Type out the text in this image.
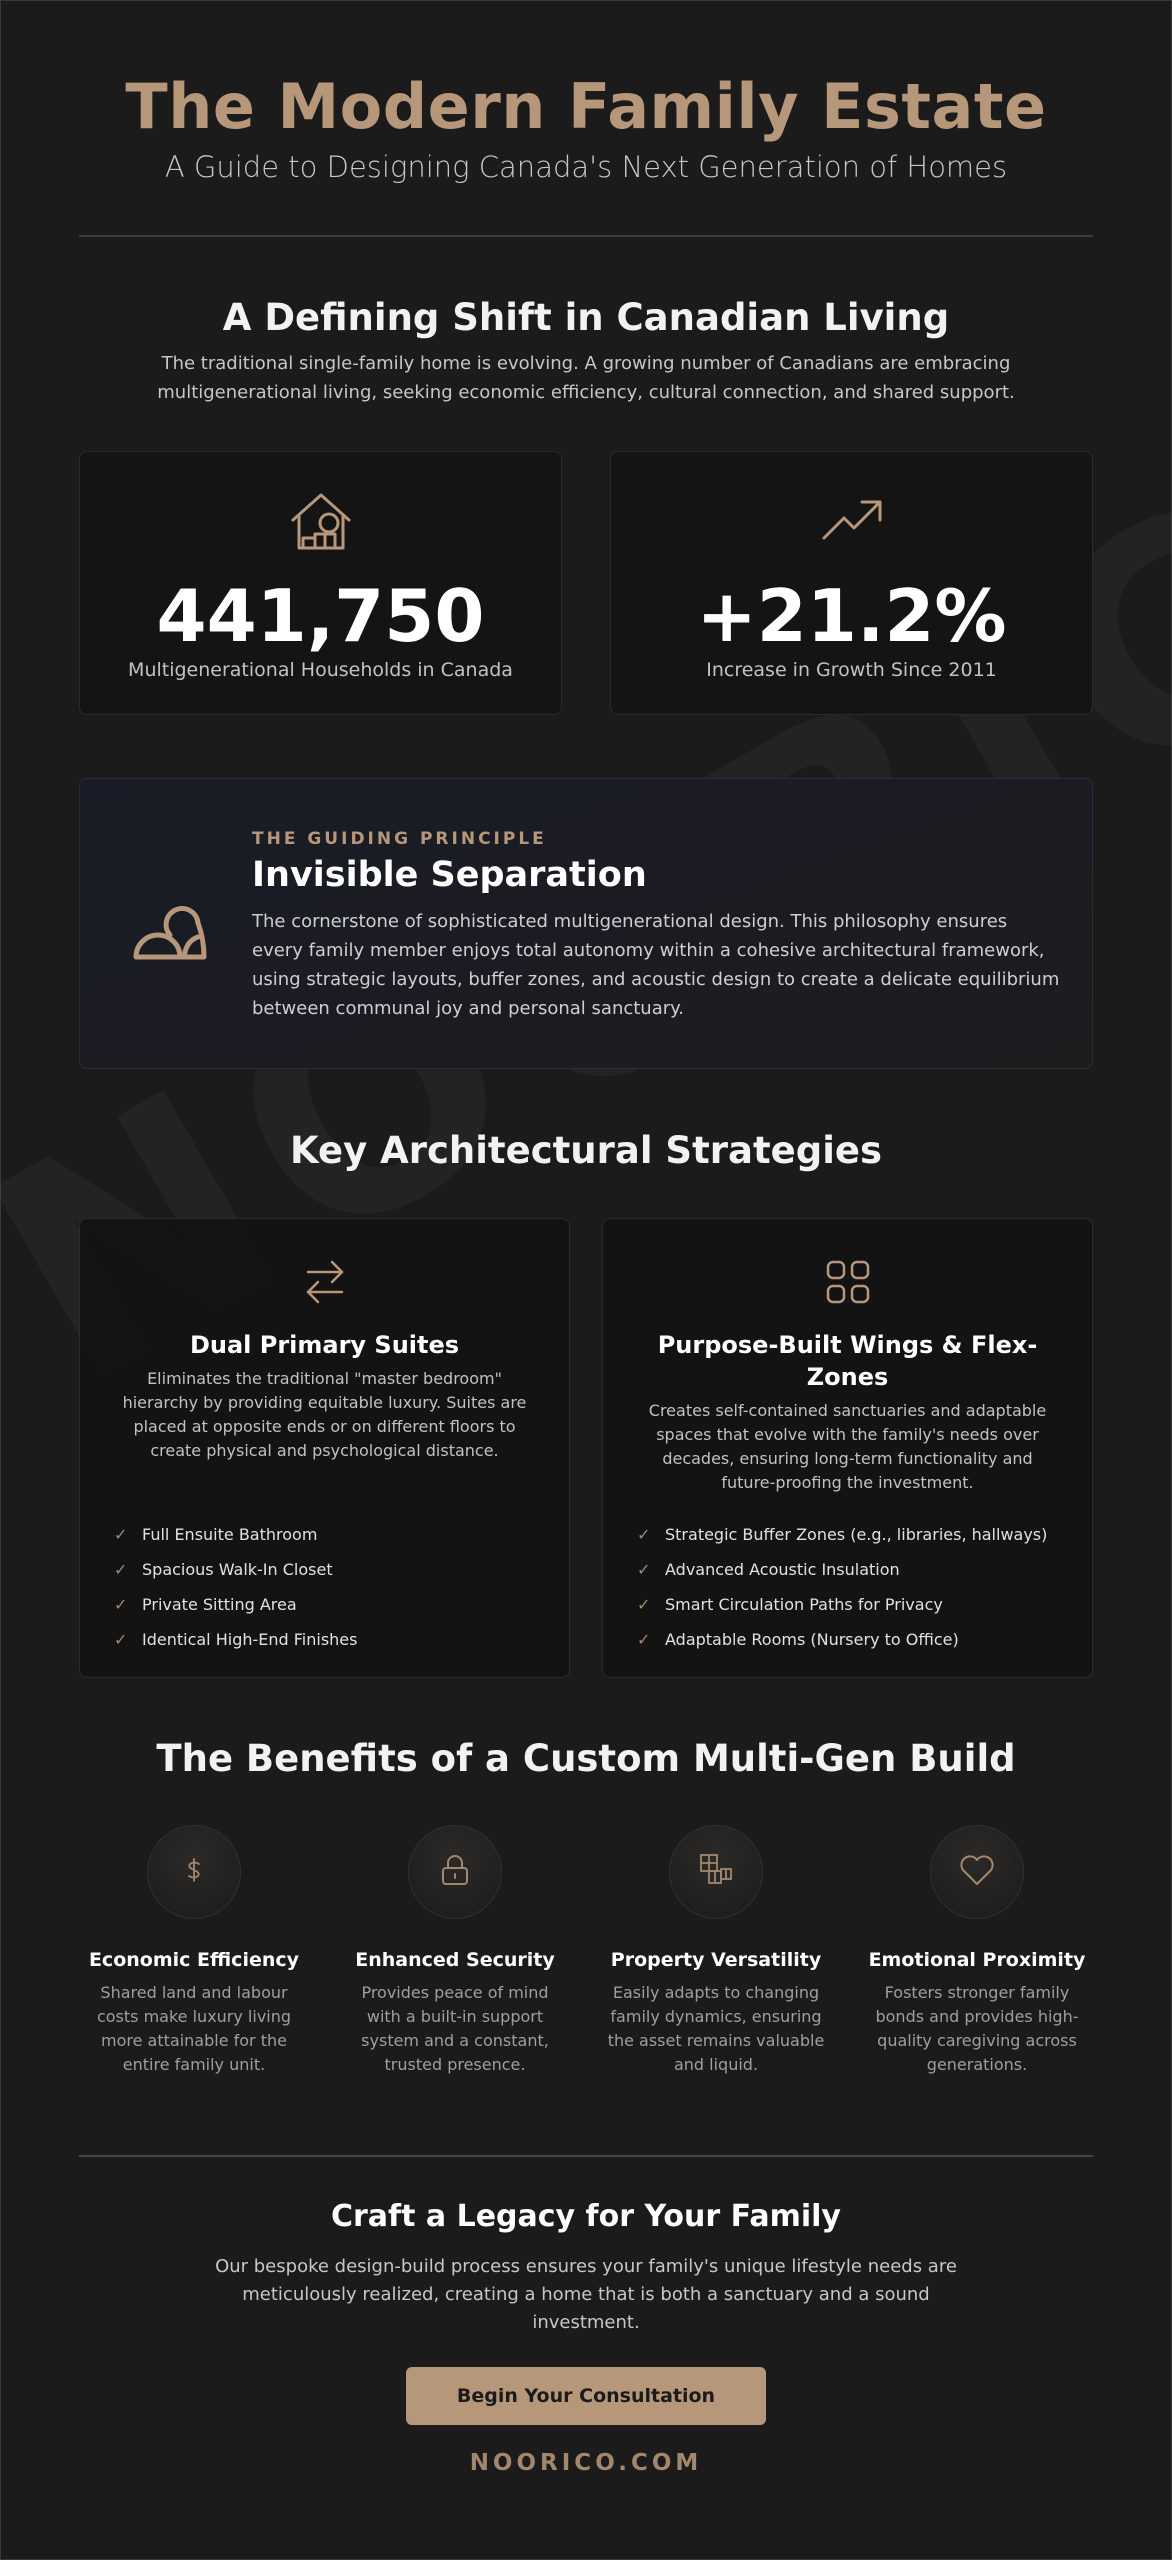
The Modern Family Estate
A Guide to Designing Canada's Next Generation of Homes
A Defining Shift in Canadian Living

The traditional single-family home is evolving. A growing number of Canadians are embracing multigenerational living, seeking economic efficiency, cultural connection, and shared support.

441,750
Multigenerational Households in Canada
+21.2%
Increase in Growth Since 2011
THE GUIDING PRINCIPLE
Invisible Separation

The cornerstone of sophisticated multigenerational design. This philosophy ensures every family member enjoys total autonomy within a cohesive architectural framework, using strategic layouts, buffer zones, and acoustic design to create a delicate equilibrium between communal joy and personal sanctuary.

Key Architectural Strategies
Dual Primary Suites

Eliminates the traditional "master bedroom" hierarchy by providing equitable luxury. Suites are placed at opposite ends or on different floors to create physical and psychological distance.

✓ Full Ensuite Bathroom
✓ Spacious Walk-In Closet
✓ Private Sitting Area
✓ Identical High-End Finishes
Purpose-Built Wings & Flex-Zones

Creates self-contained sanctuaries and adaptable spaces that evolve with the family's needs over decades, ensuring long-term functionality and future-proofing the investment.

✓ Strategic Buffer Zones (e.g., libraries, hallways)
✓ Advanced Acoustic Insulation
✓ Smart Circulation Paths for Privacy
✓ Adaptable Rooms (Nursery to Office)
The Benefits of a Custom Multi-Gen Build
Economic Efficiency

Shared land and labour costs make luxury living more attainable for the entire family unit.

Enhanced Security

Provides peace of mind with a built-in support system and a constant, trusted presence.

Property Versatility

Easily adapts to changing family dynamics, ensuring the asset remains valuable and liquid.

Emotional Proximity

Fosters stronger family bonds and provides high-quality caregiving across generations.

Craft a Legacy for Your Family

Our bespoke design-build process ensures your family's unique lifestyle needs are meticulously realized, creating a home that is both a sanctuary and a sound investment.

Begin Your Consultation
NOORICO.COM
